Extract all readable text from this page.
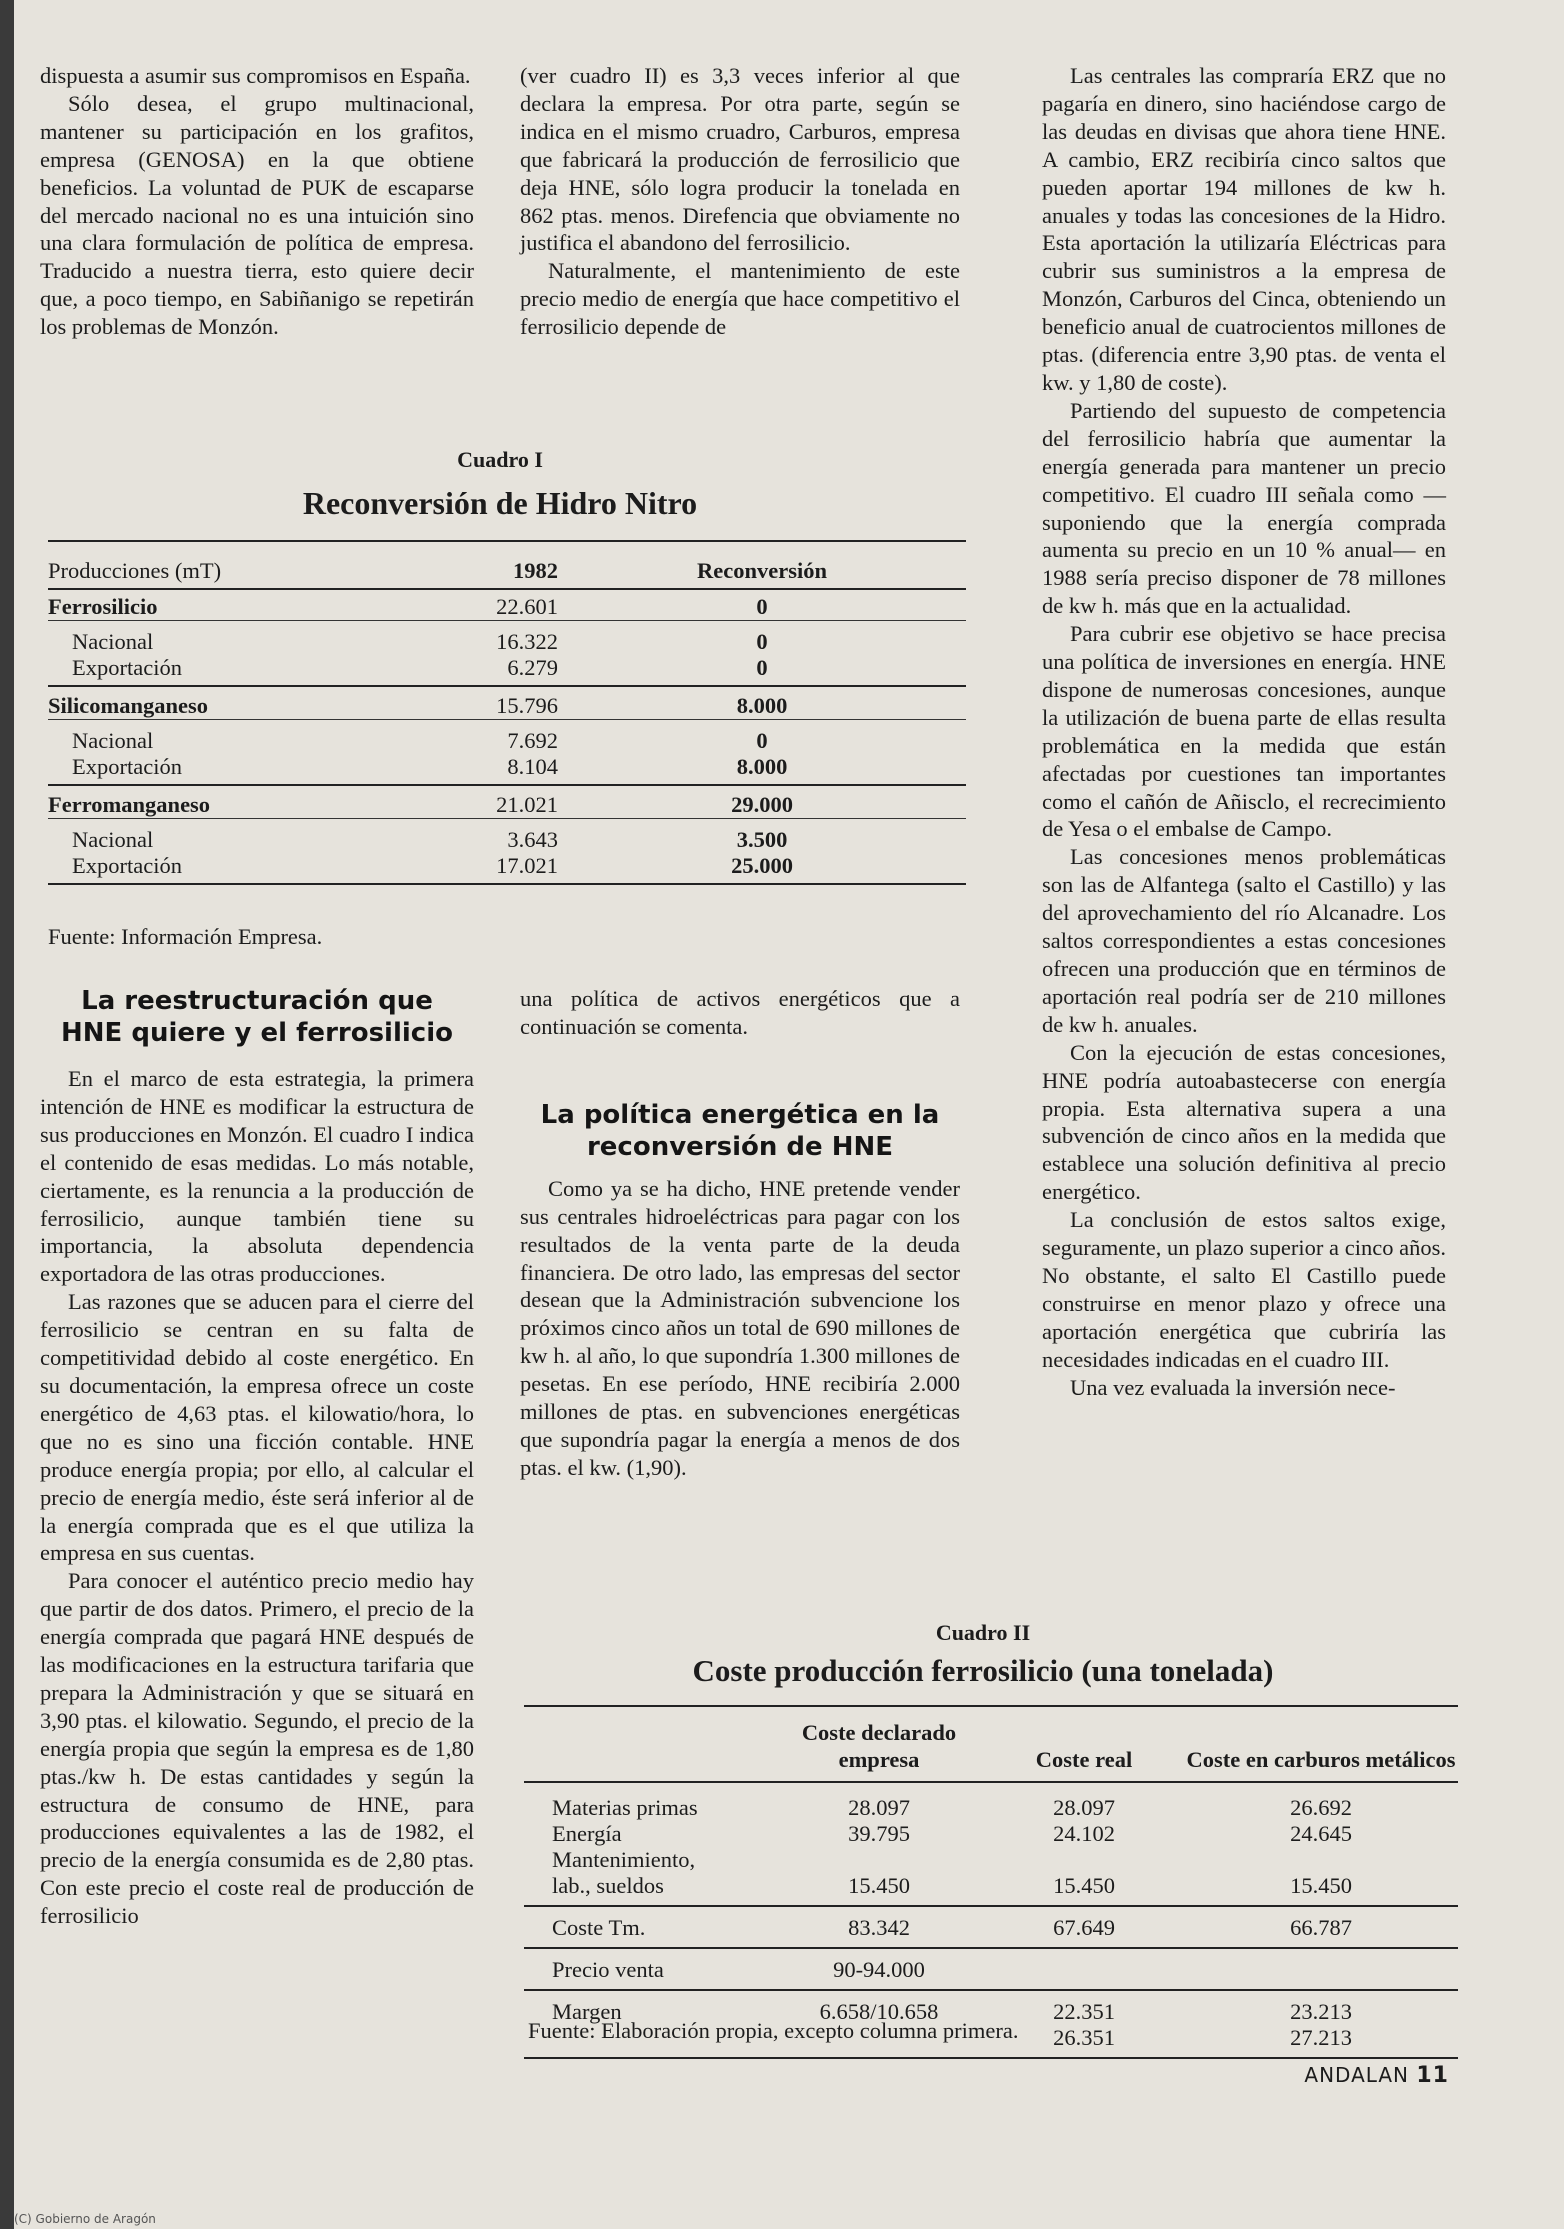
dispuesta a asumir sus compromisos en España.

Sólo desea, el grupo multinacional, mantener su participación en los grafitos, empresa (GENOSA) en la que obtiene beneficios. La voluntad de PUK de escaparse del mercado nacional no es una intuición sino una clara formulación de política de empresa. Traducido a nuestra tierra, esto quiere decir que, a poco tiempo, en Sabiñanigo se repetirán los problemas de Monzón.

(ver cuadro II) es 3,3 veces inferior al que declara la empresa. Por otra parte, según se indica en el mismo cruadro, Carburos, empresa que fabricará la producción de ferrosilicio que deja HNE, sólo logra producir la tonelada en 862 ptas. menos. Direfencia que obviamente no justifica el abandono del ferrosilicio.

Naturalmente, el mantenimiento de este precio medio de energía que hace competitivo el ferrosilicio depende de

Las centrales las compraría ERZ que no pagaría en dinero, sino haciéndose cargo de las deudas en divisas que ahora tiene HNE. A cambio, ERZ recibiría cinco saltos que pueden aportar 194 millones de kw h. anuales y todas las concesiones de la Hidro. Esta aportación la utilizaría Eléctricas para cubrir sus suministros a la empresa de Monzón, Carburos del Cinca, obteniendo un beneficio anual de cuatrocientos millones de ptas. (diferencia entre 3,90 ptas. de venta el kw. y 1,80 de coste).

Partiendo del supuesto de competencia del ferrosilicio habría que aumentar la energía generada para mantener un precio competitivo. El cuadro III señala como —suponiendo que la energía comprada aumenta su precio en un 10 % anual— en 1988 sería preciso disponer de 78 millones de kw h. más que en la actualidad.

Para cubrir ese objetivo se hace precisa una política de inversiones en energía. HNE dispone de numerosas concesiones, aunque la utilización de buena parte de ellas resulta problemática en la medida que están afectadas por cuestiones tan importantes como el cañón de Añisclo, el recrecimiento de Yesa o el embalse de Campo.

Las concesiones menos problemáticas son las de Alfantega (salto el Castillo) y las del aprovechamiento del río Alcanadre. Los saltos correspondientes a estas concesiones ofrecen una producción que en términos de aportación real podría ser de 210 millones de kw h. anuales.

Con la ejecución de estas concesiones, HNE podría autoabastecerse con energía propia. Esta alternativa supera a una subvención de cinco años en la medida que establece una solución definitiva al precio energético.

La conclusión de estos saltos exige, seguramente, un plazo superior a cinco años. No obstante, el salto El Castillo puede construirse en menor plazo y ofrece una aportación energética que cubriría las necesidades indicadas en el cuadro III.

Una vez evaluada la inversión nece-

Cuadro I
Reconversión de Hidro Nitro
Producciones (mT)	1982	Reconversión
Ferrosilicio	22.601	0
Nacional	16.322	0
Exportación	6.279	0
Silicomanganeso	15.796	8.000
Nacional	7.692	0
Exportación	8.104	8.000
Ferromanganeso	21.021	29.000
Nacional	3.643	3.500
Exportación	17.021	25.000
Fuente: Información Empresa.
La reestructuración que
HNE quiere y el ferrosilicio

En el marco de esta estrategia, la primera intención de HNE es modificar la estructura de sus producciones en Monzón. El cuadro I indica el contenido de esas medidas. Lo más notable, ciertamente, es la renuncia a la producción de ferrosilicio, aunque también tiene su importancia, la absoluta dependencia exportadora de las otras producciones.

Las razones que se aducen para el cierre del ferrosilicio se centran en su falta de competitividad debido al coste energético. En su documentación, la empresa ofrece un coste energético de 4,63 ptas. el kilowatio/hora, lo que no es sino una ficción contable. HNE produce energía propia; por ello, al calcular el precio de energía medio, éste será inferior al de la energía comprada que es el que utiliza la empresa en sus cuentas.

Para conocer el auténtico precio medio hay que partir de dos datos. Primero, el precio de la energía comprada que pagará HNE después de las modificaciones en la estructura tarifaria que prepara la Administración y que se situará en 3,90 ptas. el kilowatio. Segundo, el precio de la energía propia que según la empresa es de 1,80 ptas./kw h. De estas cantidades y según la estructura de consumo de HNE, para producciones equivalentes a las de 1982, el precio de la energía consumida es de 2,80 ptas. Con este precio el coste real de producción de ferrosilicio

una política de activos energéticos que a continuación se comenta.

La política energética en la
reconversión de HNE

Como ya se ha dicho, HNE pretende vender sus centrales hidroeléctricas para pagar con los resultados de la venta parte de la deuda financiera. De otro lado, las empresas del sector desean que la Administración subvencione los próximos cinco años un total de 690 millones de kw h. al año, lo que supondría 1.300 millones de pesetas. En ese período, HNE recibiría 2.000 millones de ptas. en subvenciones energéticas que supondría pagar la energía a menos de dos ptas. el kw. (1,90).

Cuadro II
Coste producción ferrosilicio (una tonelada)
	Coste declarado empresa	Coste real	Coste en carburos metálicos
Materias primas	28.097	28.097	26.692
Energía	39.795	24.102	24.645
Mantenimiento,			
lab., sueldos	15.450	15.450	15.450
Coste Tm.	83.342	67.649	66.787
Precio venta	90-94.000		
Margen	6.658/10.658	22.351	23.213
		26.351	27.213
Fuente: Elaboración propia, excepto columna primera.
ANDALAN 11
(C) Gobierno de Aragón
